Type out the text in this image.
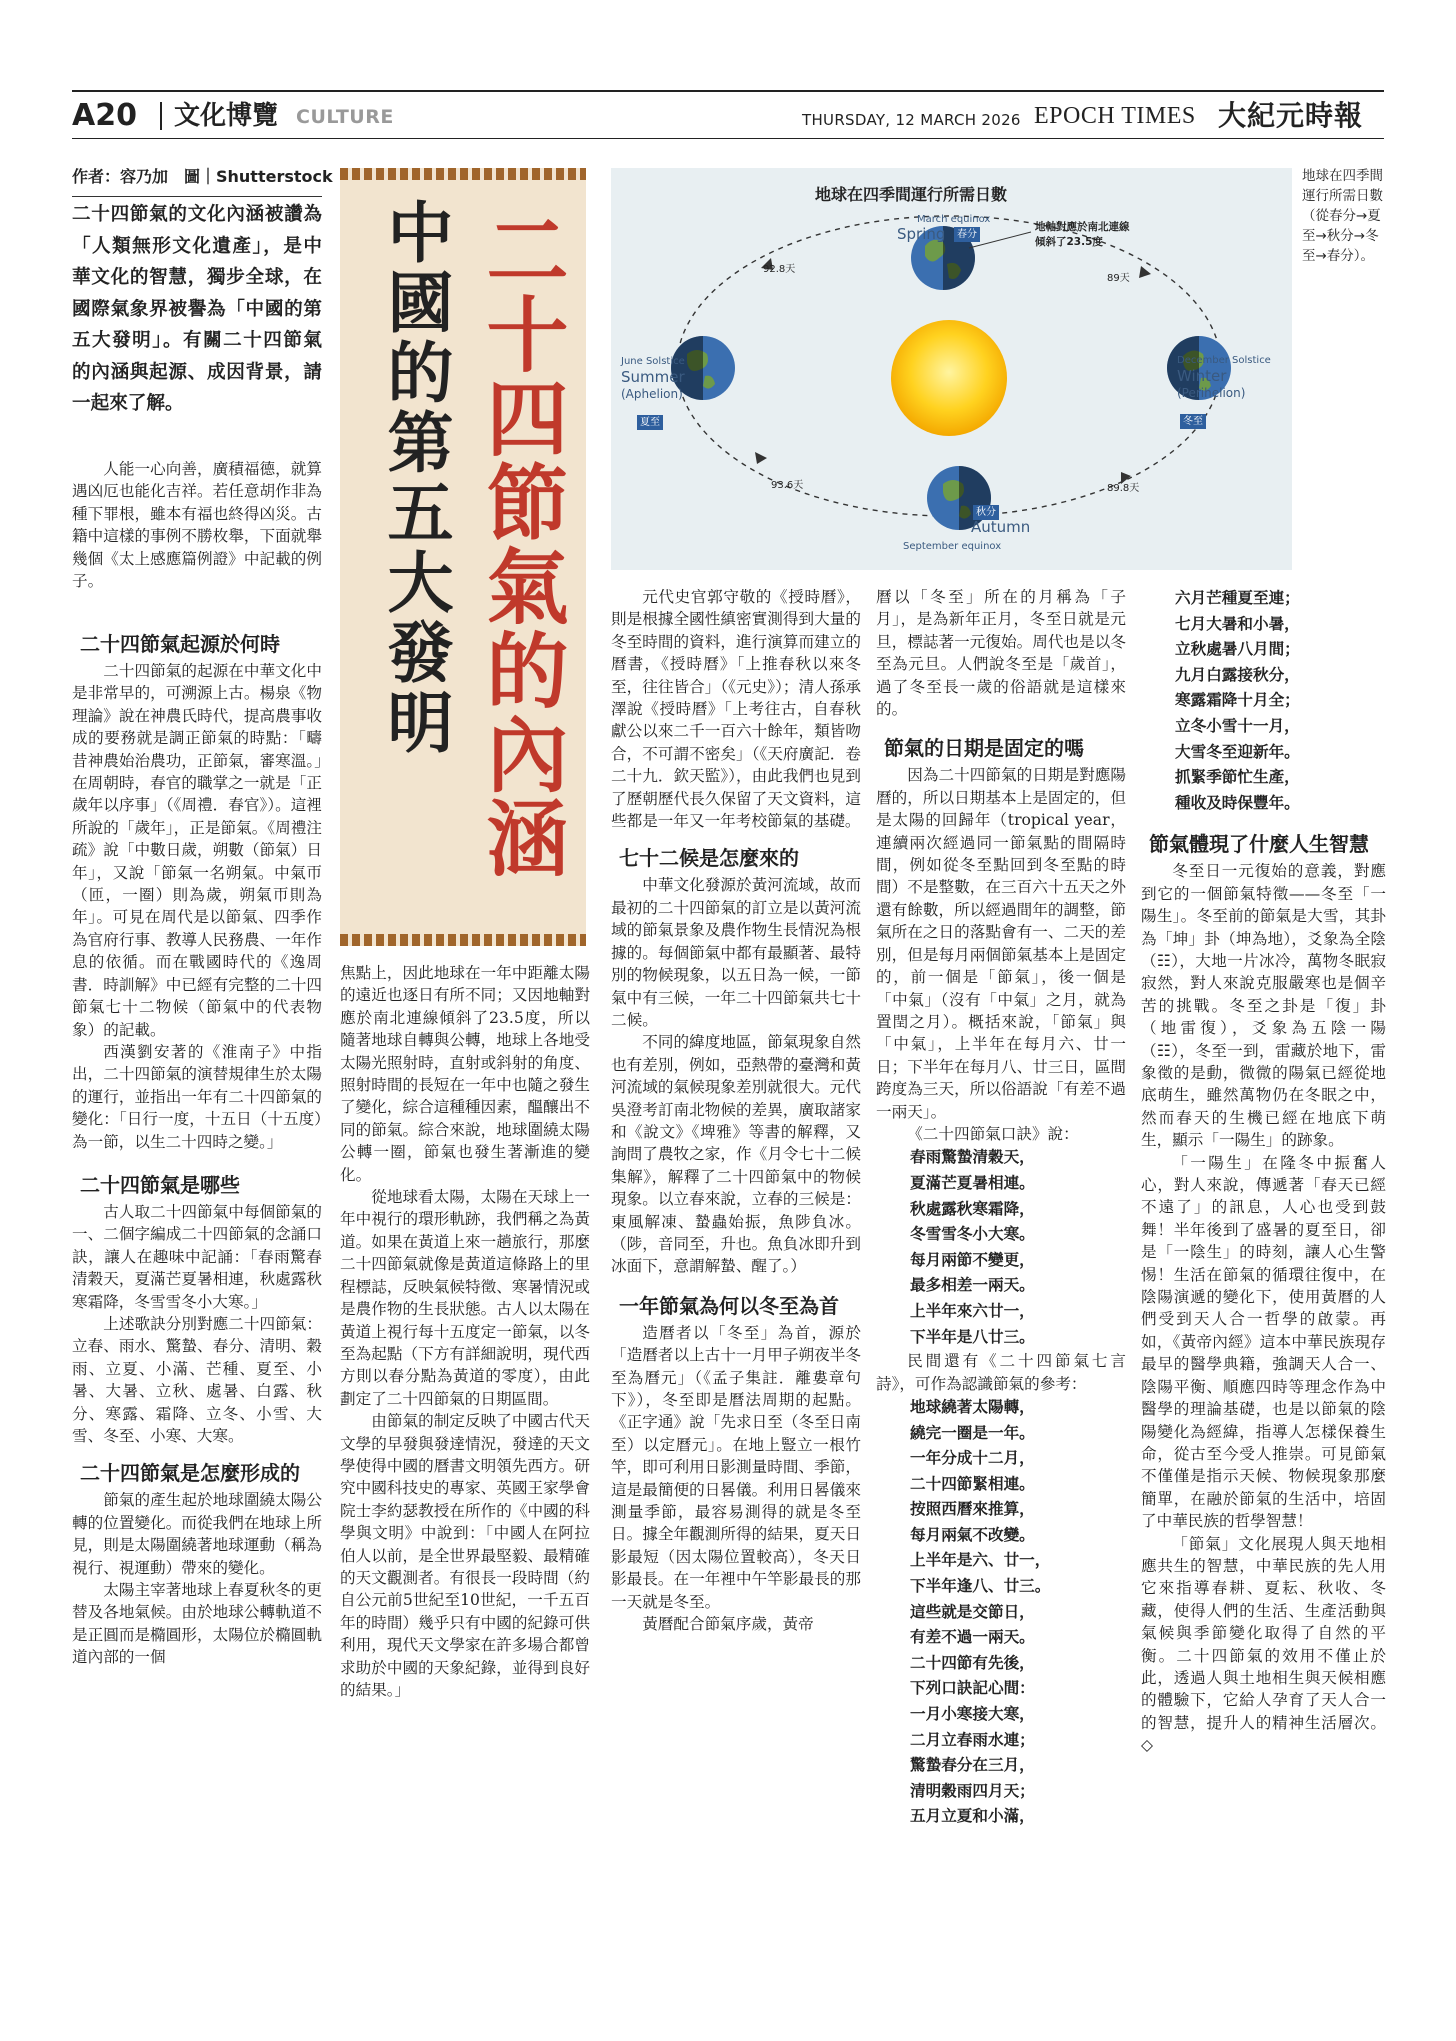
A20 文化博覽 CULTURE	THURSDAY, 12 MARCH 2026 EPOCH TIMES 大紀元時報
作者：容乃加　圖｜Shutterstock
二十四節氣的文化內涵被讚為「人類無形文化遺產」，是中華文化的智慧，獨步全球，在國際氣象界被譽為「中國的第五大發明」。有關二十四節氣的內涵與起源、成因背景，請一起來了解。

人能一心向善，廣積福德，就算遇凶厄也能化吉祥。若任意胡作非為種下罪根，雖本有福也終得凶災。古籍中這樣的事例不勝枚舉，下面就舉幾個《太上感應篇例證》中記載的例子。	二十四節氣的內涵
中國的第五大發明
地球在四季間運行所需日數
地軸對應於南北連線
傾斜了23.5度
March equinox
Spring	春分
June Solstice
Summer
(Aphelion)
夏至
December Solstice
Winter
(Perihelion)
冬至
秋分
Autumn
September equinox
92.8天
89天
93.6天	89.8天
地球在四季間運行所需日數（從春分→夏至→秋分→冬至→春分）。
二十四節氣起源於何時

二十四節氣的起源在中華文化中是非常早的，可溯源上古。楊泉《物理論》說在神農氏時代，提高農事收成的要務就是調正節氣的時點：「疇昔神農始治農功，正節氣，審寒溫。」在周朝時，春官的職掌之一就是「正歲年以序事」（《周禮．春官》）。這裡所說的「歲年」，正是節氣。《周禮注疏》說「中數日歲，朔數（節氣）日年」，又說「節氣一名朔氣。中氣帀（匝，一圈）則為歲，朔氣帀則為年」。可見在周代是以節氣、四季作為官府行事、教導人民務農、一年作息的依循。而在戰國時代的《逸周書．時訓解》中已經有完整的二十四節氣七十二物候（節氣中的代表物象）的記載。

西漢劉安著的《淮南子》中指出，二十四節氣的演替規律生於太陽的運行，並指出一年有二十四節氣的變化：「日行一度，十五日（十五度）為一節，以生二十四時之變。」

二十四節氣是哪些

古人取二十四節氣中每個節氣的一、二個字編成二十四節氣的念誦口訣，讓人在趣味中記誦：「春雨驚春清穀天，夏滿芒夏暑相連，秋處露秋寒霜降，冬雪雪冬小大寒。」

上述歌訣分別對應二十四節氣：立春、雨水、驚蟄、春分、清明、穀雨、立夏、小滿、芒種、夏至、小暑、大暑、立秋、處暑、白露、秋分、寒露、霜降、立冬、小雪、大雪、冬至、小寒、大寒。

二十四節氣是怎麼形成的

節氣的產生起於地球圍繞太陽公轉的位置變化。而從我們在地球上所見，則是太陽圍繞著地球運動（稱為視行、視運動）帶來的變化。

太陽主宰著地球上春夏秋冬的更替及各地氣候。由於地球公轉軌道不是正圓而是橢圓形，太陽位於橢圓軌道內部的一個

焦點上，因此地球在一年中距離太陽的遠近也逐日有所不同；又因地軸對應於南北連線傾斜了23.5度，所以隨著地球自轉與公轉，地球上各地受太陽光照射時，直射或斜射的角度、照射時間的長短在一年中也隨之發生了變化，綜合這種種因素，醞釀出不同的節氣。綜合來說，地球圍繞太陽公轉一圈，節氣也發生著漸進的變化。

從地球看太陽，太陽在天球上一年中視行的環形軌跡，我們稱之為黃道。如果在黃道上來一趟旅行，那麼二十四節氣就像是黃道這條路上的里程標誌，反映氣候特徵、寒暑情況或是農作物的生長狀態。古人以太陽在黃道上視行每十五度定一節氣，以冬至為起點（下方有詳細說明，現代西方則以春分點為黃道的零度），由此劃定了二十四節氣的日期區間。

由節氣的制定反映了中國古代天文學的早發與發達情況，發達的天文學使得中國的曆書文明領先西方。研究中國科技史的專家、英國王家學會院士李約瑟教授在所作的《中國的科學與文明》中說到：「中國人在阿拉伯人以前，是全世界最堅毅、最精確的天文觀測者。有很長一段時間（約自公元前5世紀至10世紀，一千五百年的時間）幾乎只有中國的紀錄可供利用，現代天文學家在許多場合都曾求助於中國的天象紀錄，並得到良好的結果。」

元代史官郭守敬的《授時曆》，則是根據全國性縝密實測得到大量的冬至時間的資料，進行演算而建立的曆書，《授時曆》「上推春秋以來冬至，往往皆合」（《元史》）；清人孫承澤說《授時曆》「上考往古，自春秋獻公以來二千一百六十餘年，類皆吻合，不可謂不密矣」（《天府廣記．卷二十九．欽天監》），由此我們也見到了歷朝歷代長久保留了天文資料，這些都是一年又一年考校節氣的基礎。

七十二候是怎麼來的

中華文化發源於黃河流域，故而最初的二十四節氣的訂立是以黃河流域的節氣景象及農作物生長情況為根據的。每個節氣中都有最顯著、最特別的物候現象，以五日為一候，一節氣中有三候，一年二十四節氣共七十二候。

不同的緯度地區，節氣現象自然也有差別，例如，亞熱帶的臺灣和黃河流域的氣候現象差別就很大。元代吳澄考訂南北物候的差異，廣取諸家和《說文》《埤雅》等書的解釋，又詢問了農牧之家，作《月令七十二候集解》，解釋了二十四節氣中的物候現象。以立春來說，立春的三候是：東風解凍、蟄蟲始振，魚陟負冰。（陟，音同至，升也。魚負冰即升到冰面下，意謂解蟄、醒了。）

一年節氣為何以冬至為首

造曆者以「冬至」為首，源於「造曆者以上古十一月甲子朔夜半冬至為曆元」（《孟子集註．離婁章句下》），冬至即是曆法周期的起點。《正字通》說「先求日至（冬至日南至）以定曆元」。在地上豎立一根竹竿，即可利用日影測量時間、季節，這是最簡便的日晷儀。利用日晷儀來測量季節，最容易測得的就是冬至日。據全年觀測所得的結果，夏天日影最短（因太陽位置較高），冬天日影最長。在一年裡中午竿影最長的那一天就是冬至。

黃曆配合節氣序歲，黃帝

曆以「冬至」所在的月稱為「子月」，是為新年正月，冬至日就是元旦，標誌著一元復始。周代也是以冬至為元旦。人們說冬至是「歲首」，過了冬至長一歲的俗語就是這樣來的。

節氣的日期是固定的嗎

因為二十四節氣的日期是對應陽曆的，所以日期基本上是固定的，但是太陽的回歸年（tropical year，連續兩次經過同一節氣點的間隔時間，例如從冬至點回到冬至點的時間）不是整數，在三百六十五天之外還有餘數，所以經過間年的調整，節氣所在之日的落點會有一、二天的差別，但是每月兩個節氣基本上是固定的，前一個是「節氣」，後一個是「中氣」（沒有「中氣」之月，就為置閏之月）。概括來說，「節氣」與「中氣」，上半年在每月六、廿一日；下半年在每月八、廿三日，區間跨度為三天，所以俗語說「有差不過一兩天」。

《二十四節氣口訣》說：

春雨驚蟄清穀天，
夏滿芒夏暑相連。
秋處露秋寒霜降，
冬雪雪冬小大寒。
每月兩節不變更，
最多相差一兩天。
上半年來六廿一，
下半年是八廿三。

民間還有《二十四節氣七言詩》，可作為認識節氣的參考：

地球繞著太陽轉，
繞完一圈是一年。
一年分成十二月，
二十四節緊相連。
按照西曆來推算，
每月兩氣不改變。
上半年是六、廿一，
下半年逢八、廿三。
這些就是交節日，
有差不過一兩天。
二十四節有先後，
下列口訣記心間：
一月小寒接大寒，
二月立春雨水連；
驚蟄春分在三月，
清明穀雨四月天；
五月立夏和小滿，
六月芒種夏至連；
七月大暑和小暑，
立秋處暑八月間；
九月白露接秋分，
寒露霜降十月全；
立冬小雪十一月，
大雪冬至迎新年。
抓緊季節忙生產，
種收及時保豐年。
節氣體現了什麼人生智慧

冬至日一元復始的意義，對應到它的一個節氣特徵——冬至「一陽生」。冬至前的節氣是大雪，其卦為「坤」卦（坤為地），爻象為全陰（☷），大地一片冰冷，萬物冬眠寂寂然，對人來說克服嚴寒也是個辛苦的挑戰。冬至之卦是「復」卦（地雷復），爻象為五陰一陽（☷），冬至一到，雷藏於地下，雷象徵的是動，微微的陽氣已經從地底萌生，雖然萬物仍在冬眠之中，然而春天的生機已經在地底下萌生，顯示「一陽生」的跡象。

「一陽生」在隆冬中振奮人心，對人來說，傳遞著「春天已經不遠了」的訊息，人心也受到鼓舞！半年後到了盛暑的夏至日，卻是「一陰生」的時刻，讓人心生警惕！生活在節氣的循環往復中，在陰陽演遞的變化下，使用黃曆的人們受到天人合一哲學的啟蒙。再如，《黃帝內經》這本中華民族現存最早的醫學典籍，強調天人合一、陰陽平衡、順應四時等理念作為中醫學的理論基礎，也是以節氣的陰陽變化為經緯，指導人怎樣保養生命，從古至今受人推崇。可見節氣不僅僅是指示天候、物候現象那麼簡單，在融於節氣的生活中，培固了中華民族的哲學智慧！

「節氣」文化展現人與天地相應共生的智慧，中華民族的先人用它來指導春耕、夏耘、秋收、冬藏，使得人們的生活、生產活動與氣候與季節變化取得了自然的平衡。二十四節氣的效用不僅止於此，透過人與土地相生與天候相應的體驗下，它給人孕育了天人合一的智慧，提升人的精神生活層次。◇
